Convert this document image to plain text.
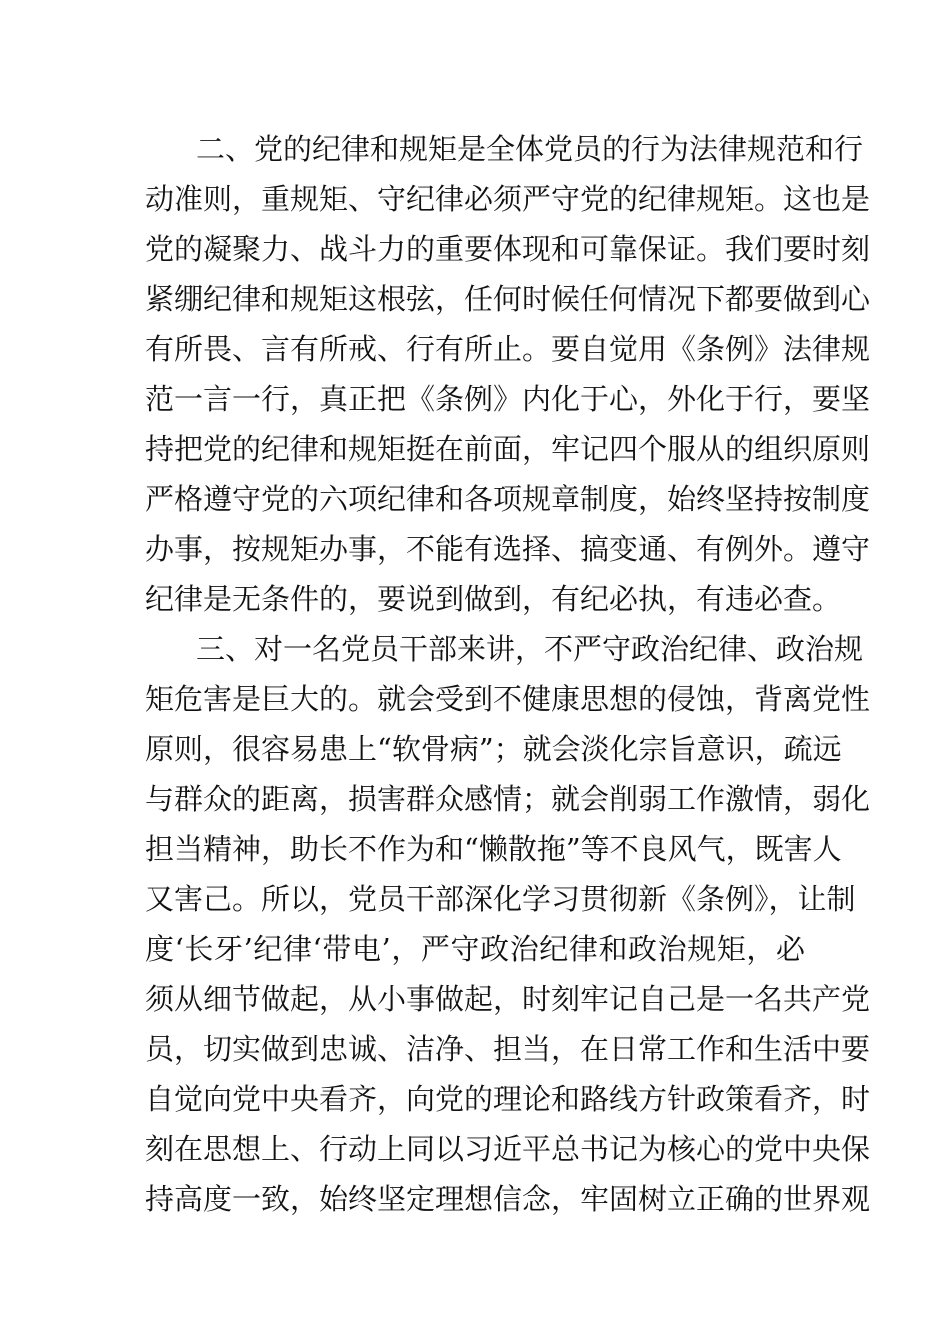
二、党的纪律和规矩是全体党员的行为法律规范和行
动准则，重规矩、守纪律必须严守党的纪律规矩。这也是
党的凝聚力、战斗力的重要体现和可靠保证。我们要时刻
紧绷纪律和规矩这根弦，任何时候任何情况下都要做到心
有所畏、言有所戒、行有所止。要自觉用《条例》法律规
范一言一行，真正把《条例》内化于心，外化于行，要坚
持把党的纪律和规矩挺在前面，牢记四个服从的组织原则
严格遵守党的六项纪律和各项规章制度，始终坚持按制度
办事，按规矩办事，不能有选择、搞变通、有例外。遵守
纪律是无条件的，要说到做到，有纪必执，有违必查。
三、对一名党员干部来讲，不严守政治纪律、政治规
矩危害是巨大的。就会受到不健康思想的侵蚀，背离党性
原则，很容易患上“软骨病”；就会淡化宗旨意识，疏远
与群众的距离，损害群众感情；就会削弱工作激情，弱化
担当精神，助长不作为和“懒散拖”等不良风气，既害人
又害己。所以，党员干部深化学习贯彻新《条例》，让制
度‘长牙’纪律‘带电’，严守政治纪律和政治规矩，必
须从细节做起，从小事做起，时刻牢记自己是一名共产党
员，切实做到忠诚、洁净、担当，在日常工作和生活中要
自觉向党中央看齐，向党的理论和路线方针政策看齐，时
刻在思想上、行动上同以习近平总书记为核心的党中央保
持高度一致，始终坚定理想信念，牢固树立正确的世界观
